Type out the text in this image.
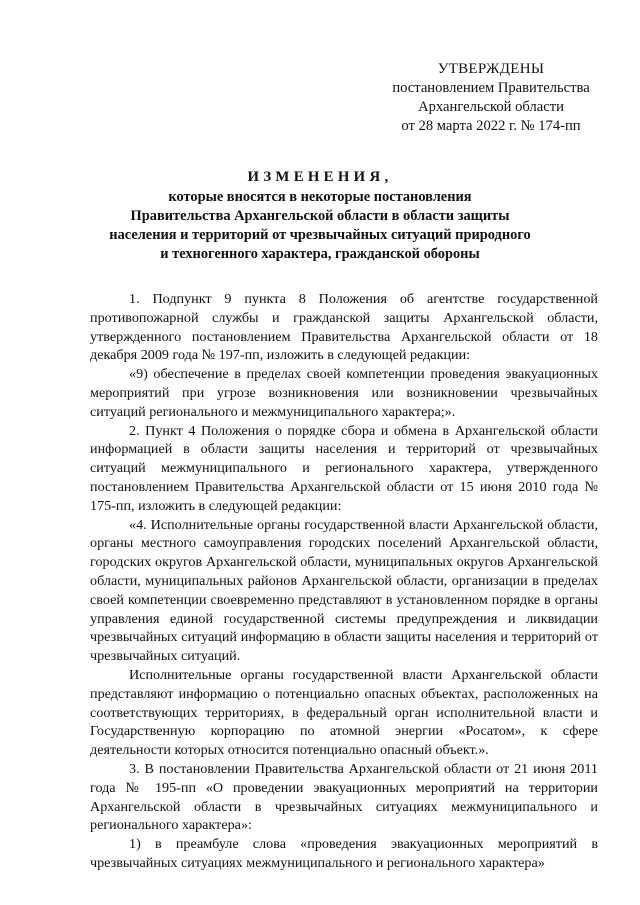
УТВЕРЖДЕНЫ
постановлением Правительства
Архангельской области
от 28 марта 2022 г. № 174-пп
ИЗМЕНЕНИЯ,
которые вносятся в некоторые постановления
Правительства Архангельской области в области защиты
населения и территорий от чрезвычайных ситуаций природного
и техногенного характера, гражданской обороны

1. Подпункт 9 пункта 8 Положения об агентстве государственной противопожарной службы и гражданской защиты Архангельской области, утвержденного постановлением Правительства Архангельской области от 18 декабря 2009 года № 197-пп, изложить в следующей редакции:

«9) обеспечение в пределах своей компетенции проведения эвакуационных мероприятий при угрозе возникновения или возникновении чрезвычайных ситуаций регионального и межмуниципального характера;».

2. Пункт 4 Положения о порядке сбора и обмена в Архангельской области информацией в области защиты населения и территорий от чрезвычайных ситуаций межмуниципального и регионального характера, утвержденного постановлением Правительства Архангельской области от 15 июня 2010 года № 175-пп, изложить в следующей редакции:

«4. Исполнительные органы государственной власти Архангельской области, органы местного самоуправления городских поселений Архангельской области, городских округов Архангельской области, муниципальных округов Архангельской области, муниципальных районов Архангельской области, организации в пределах своей компетенции своевременно представляют в установленном порядке в органы управления единой государственной системы предупреждения и ликвидации чрезвычайных ситуаций информацию в области защиты населения и территорий от чрезвычайных ситуаций.

Исполнительные органы государственной власти Архангельской области представляют информацию о потенциально опасных объектах, расположенных на соответствующих территориях, в федеральный орган исполнительной власти и Государственную корпорацию по атомной энергии «Росатом», к сфере деятельности которых относится потенциально опасный объект.».

3. В постановлении Правительства Архангельской области от 21 июня 2011 года № 195-пп «О проведении эвакуационных мероприятий на территории Архангельской области в чрезвычайных ситуациях межмуниципального и регионального характера»:

1) в преамбуле слова «проведения эвакуационных мероприятий в чрезвычайных ситуациях межмуниципального и регионального характера»
